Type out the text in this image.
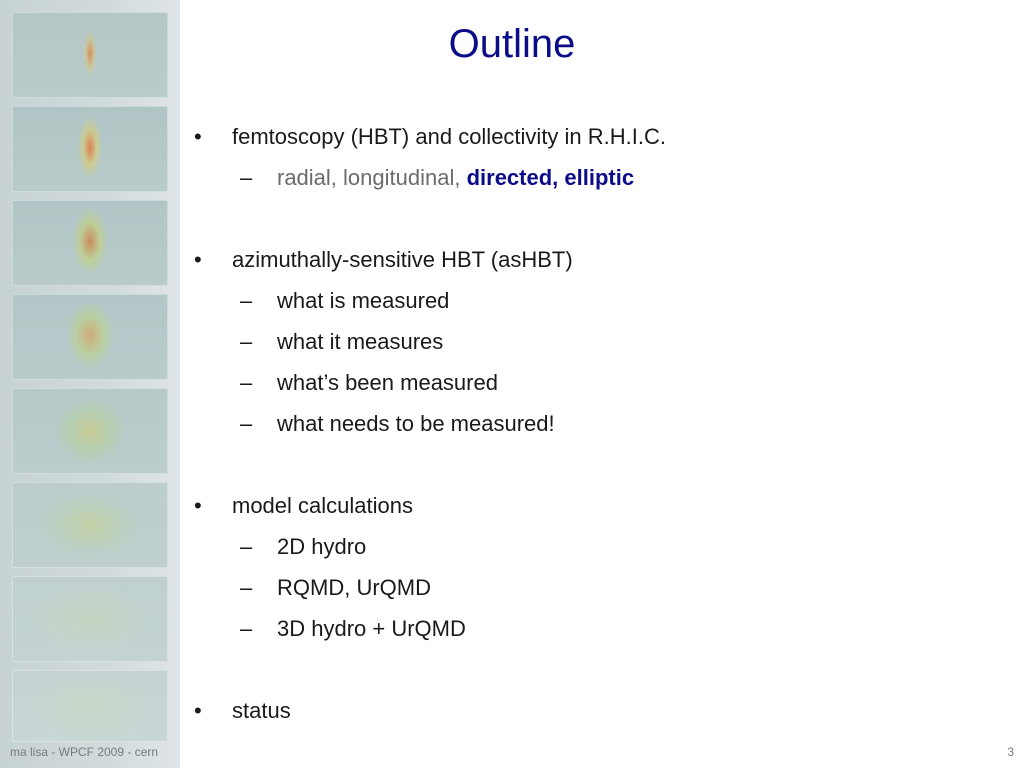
Outline
•	femtoscopy (HBT) and collectivity in R.H.I.C.
–	radial, longitudinal, directed, elliptic
•	azimuthally-sensitive HBT (asHBT)
–	what is measured
–	what it measures
–	what’s been measured
–	what needs to be measured!
•	model calculations
–	2D hydro
–	RQMD, UrQMD
–	3D hydro + UrQMD
•	status
ma lisa - WPCF 2009 - cern	3
